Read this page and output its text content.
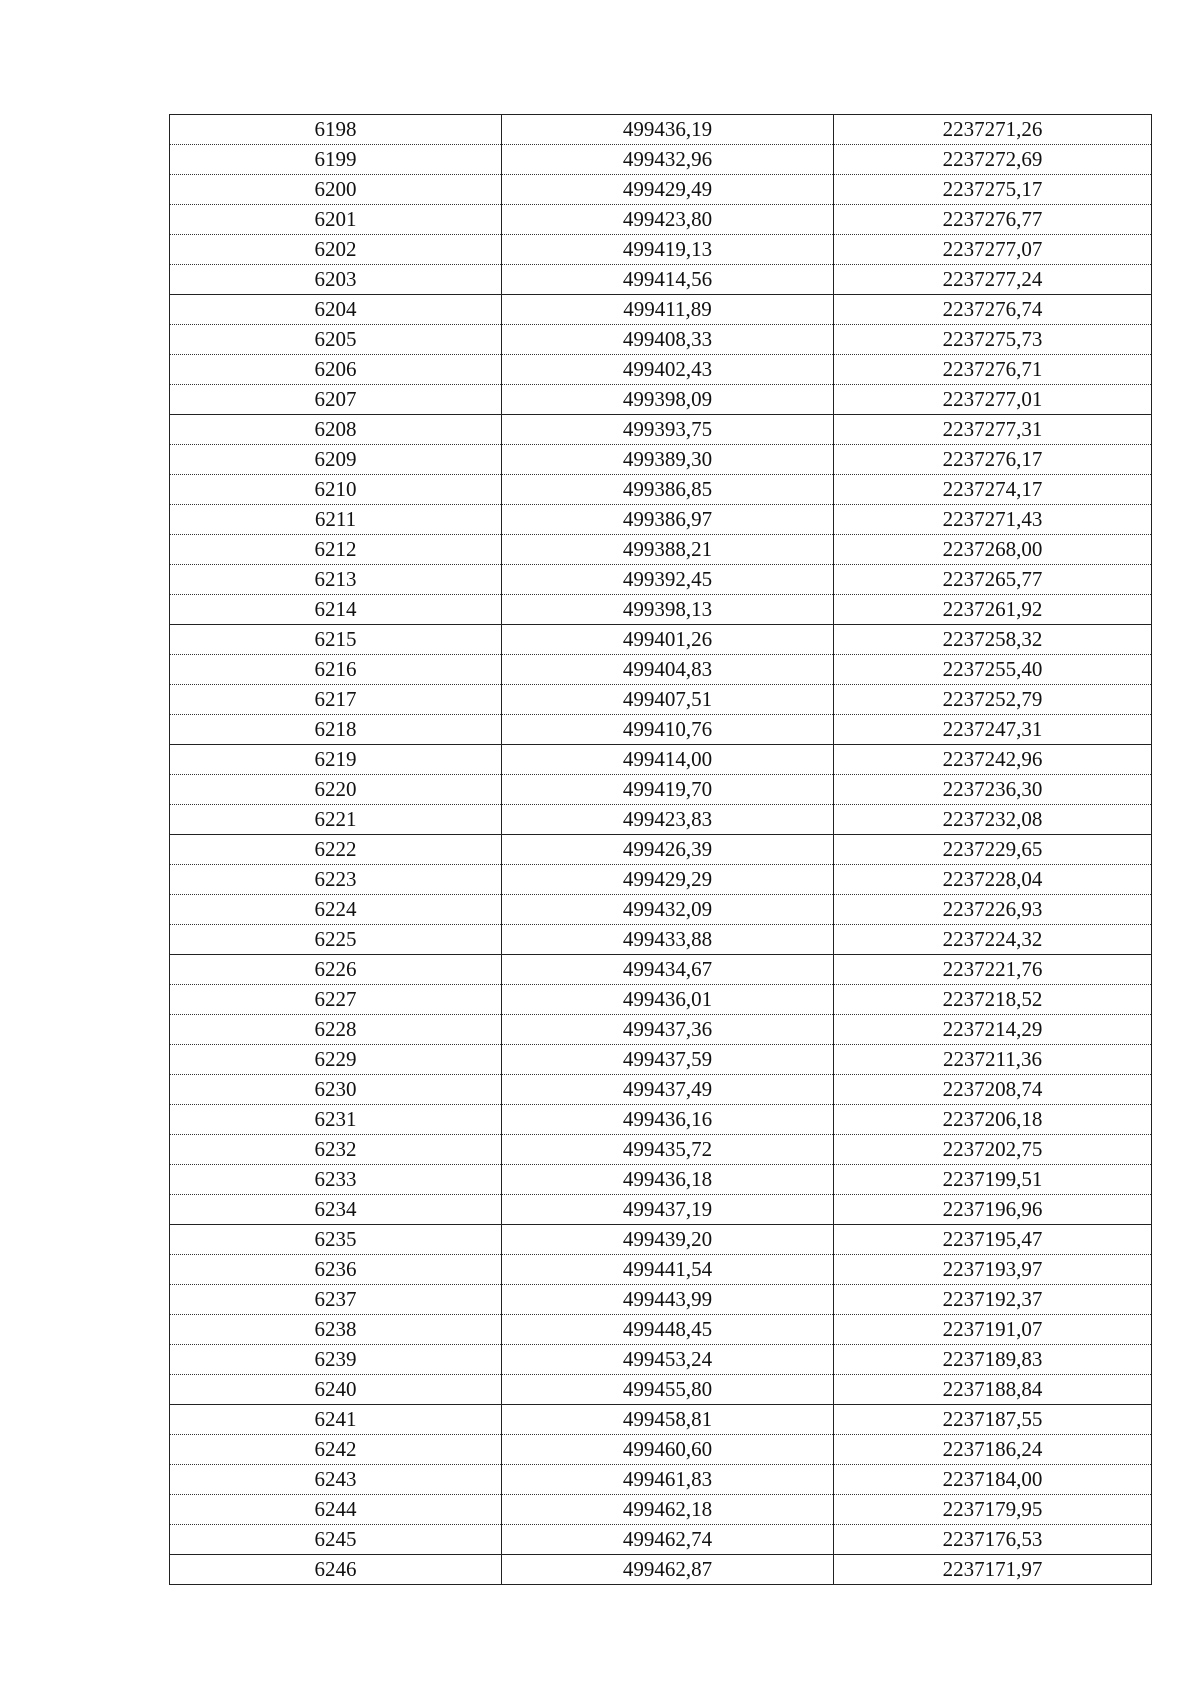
6198	499436,19	2237271,26
6199	499432,96	2237272,69
6200	499429,49	2237275,17
6201	499423,80	2237276,77
6202	499419,13	2237277,07
6203	499414,56	2237277,24
6204	499411,89	2237276,74
6205	499408,33	2237275,73
6206	499402,43	2237276,71
6207	499398,09	2237277,01
6208	499393,75	2237277,31
6209	499389,30	2237276,17
6210	499386,85	2237274,17
6211	499386,97	2237271,43
6212	499388,21	2237268,00
6213	499392,45	2237265,77
6214	499398,13	2237261,92
6215	499401,26	2237258,32
6216	499404,83	2237255,40
6217	499407,51	2237252,79
6218	499410,76	2237247,31
6219	499414,00	2237242,96
6220	499419,70	2237236,30
6221	499423,83	2237232,08
6222	499426,39	2237229,65
6223	499429,29	2237228,04
6224	499432,09	2237226,93
6225	499433,88	2237224,32
6226	499434,67	2237221,76
6227	499436,01	2237218,52
6228	499437,36	2237214,29
6229	499437,59	2237211,36
6230	499437,49	2237208,74
6231	499436,16	2237206,18
6232	499435,72	2237202,75
6233	499436,18	2237199,51
6234	499437,19	2237196,96
6235	499439,20	2237195,47
6236	499441,54	2237193,97
6237	499443,99	2237192,37
6238	499448,45	2237191,07
6239	499453,24	2237189,83
6240	499455,80	2237188,84
6241	499458,81	2237187,55
6242	499460,60	2237186,24
6243	499461,83	2237184,00
6244	499462,18	2237179,95
6245	499462,74	2237176,53
6246	499462,87	2237171,97
